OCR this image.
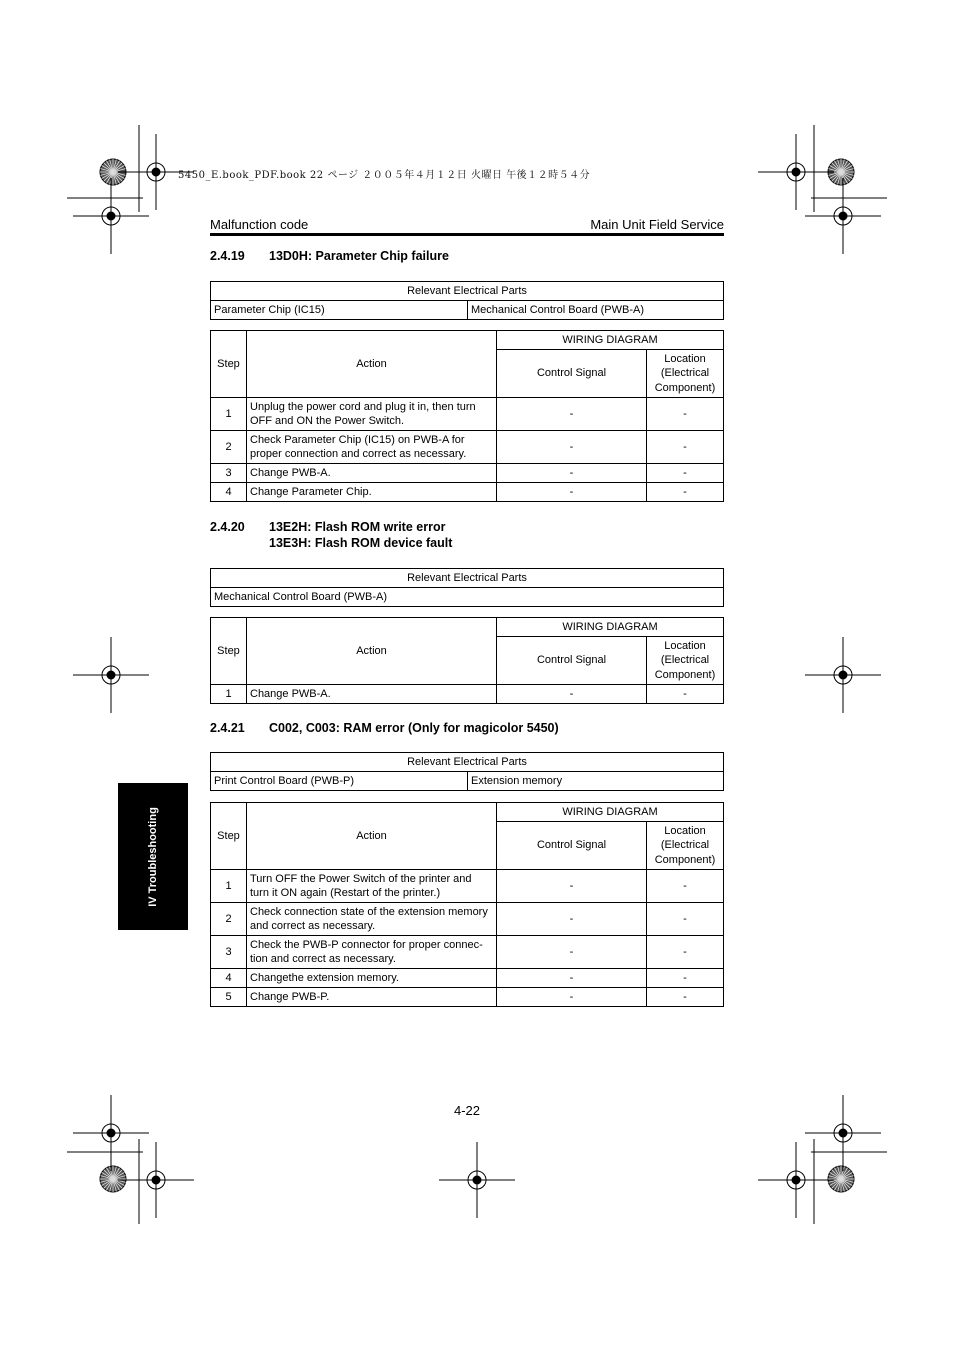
5450_E.book_PDF.book 22 ページ ２００５年４月１２日 火曜日 午後１２時５４分
Malfunction code	Main Unit Field Service
2.4.19 13D0H: Parameter Chip failure
Relevant Electrical Parts
Parameter Chip (IC15)	Mechanical Control Board (PWB-A)
Step	Action	WIRING DIAGRAM	
		Control Signal	Location (Electrical Component)
1	Unplug the power cord and plug it in, then turn OFF and ON the Power Switch.	-	-
2	Check Parameter Chip (IC15) on PWB-A for proper connection and correct as necessary.	-	-
3	Change PWB-A.	-	-
4	Change Parameter Chip.	-	-
2.4.20 13E2H: Flash ROM write error
13E3H: Flash ROM device fault
Relevant Electrical Parts
Mechanical Control Board (PWB-A)
Step	Action	WIRING DIAGRAM	
		Control Signal	Location (Electrical Component)
1	Change PWB-A.	-	-
2.4.21 C002, C003: RAM error (Only for magicolor 5450)
Relevant Electrical Parts
Print Control Board (PWB-P)	Extension memory
Step	Action	WIRING DIAGRAM	
		Control Signal	Location (Electrical Component)
1	Turn OFF the Power Switch of the printer and turn it ON again (Restart of the printer.)	-	-
2	Check connection state of the extension memory and correct as necessary.	-	-
3	Check the PWB-P connector for proper connec-tion and correct as necessary.	-	-
4	Changethe extension memory.	-	-
5	Change PWB-P.	-	-
IV Troubleshooting
4-22
